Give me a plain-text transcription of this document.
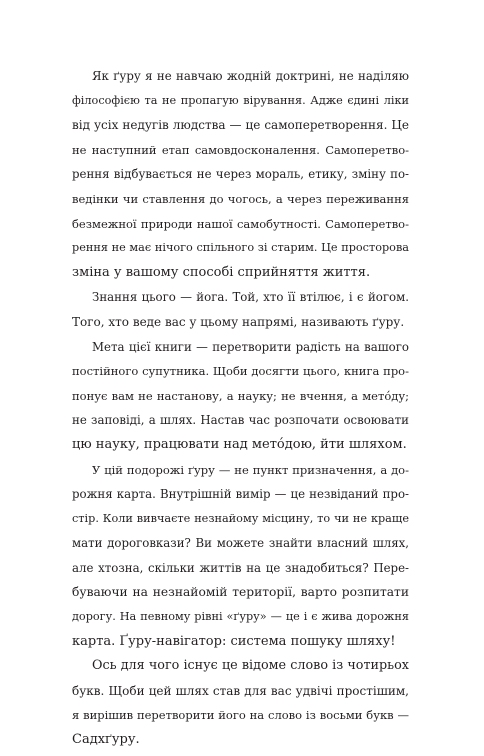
Як ґуру я не навчаю жодній доктрині, не наділяю
філософією та не пропагую вірування. Адже єдині ліки
від усіх недугів людства — це самоперетворення. Це
не наступний етап самовдосконалення. Самоперетво-
рення відбувається не через мораль, етику, зміну по-
ведінки чи ставлення до чогось, а через переживання
безмежної природи нашої самобутності. Самоперетво-
рення не має нічого спільного зі старим. Це просторова
зміна у вашому способі сприйняття життя.
Знання цього — йога. Той, хто її втілює, і є йогом.
Того, хто веде вас у цьому напрямі, називають ґуру.
Мета цієї книги — перетворити радість на вашого
постійного супутника. Щоби досягти цього, книга про-
понує вам не настанову, а науку; не вчення, а метóду;
не заповіді, а шлях. Настав час розпочати освоювати
цю науку, працювати над метóдою, йти шляхом.
У цій подорожі ґуру — не пункт призначення, а до-
рожня карта. Внутрішній вимір — це незвіданий про-
стір. Коли вивчаєте незнайому місцину, то чи не краще
мати дороговкази? Ви можете знайти власний шлях,
але хтозна, скільки життів на це знадобиться? Пере-
буваючи на незнайомій території, варто розпитати
дорогу. На певному рівні «ґуру» — це і є жива дорожня
карта. Ґуру-навігатор: система пошуку шляху!
Ось для чого існує це відоме слово із чотирьох
букв. Щоби цей шлях став для вас удвічі простішим,
я вирішив перетворити його на слово із восьми букв —
Садхґуру.
